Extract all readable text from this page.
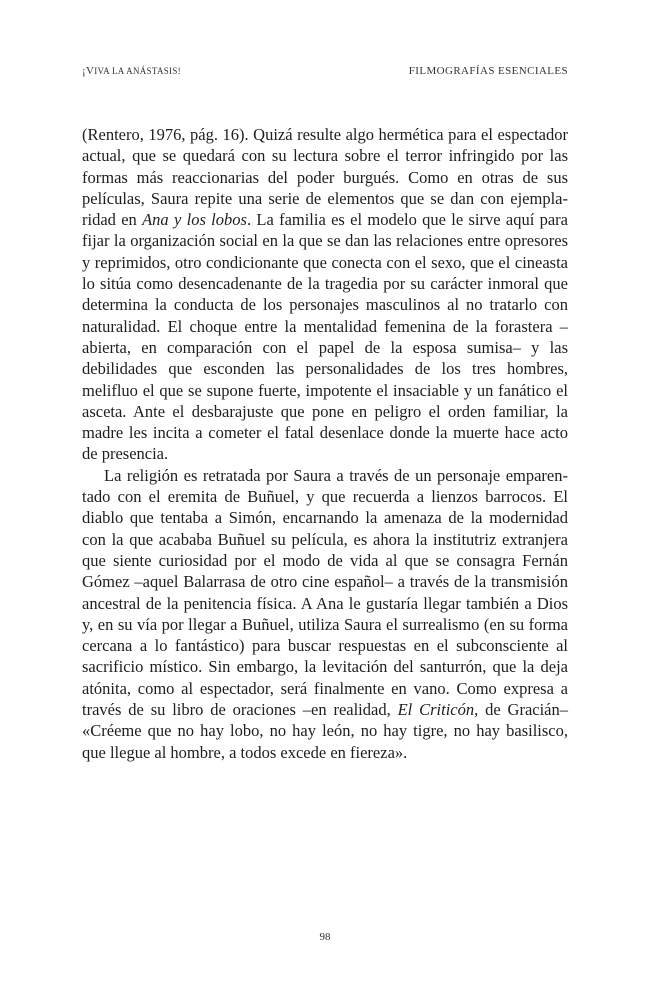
¡VIVA LA ANÁSTASIS!	FILMOGRAFÍAS ESENCIALES

(Rentero, 1976, pág. 16). Quizá resulte algo hermética para el espectador actual, que se quedará con su lectura sobre el terror infringido por las formas más reaccionarias del poder burgués. Como en otras de sus películas, Saura repite una serie de elementos que se dan con ejemplaridad en Ana y los lobos. La familia es el modelo que le sirve aquí para fijar la organización social en la que se dan las relaciones entre opresores y reprimidos, otro condicionante que conecta con el sexo, que el cineasta lo sitúa como desencadenante de la tragedia por su carácter inmoral que determina la conducta de los personajes masculinos al no tratarlo con naturalidad. El choque entre la mentalidad femenina de la forastera –abierta, en comparación con el papel de la esposa sumisa– y las debilidades que esconden las personalidades de los tres hombres, melifluo el que se supone fuerte, impotente el insaciable y un fanático el asceta. Ante el desbarajuste que pone en peligro el orden familiar, la madre les incita a cometer el fatal desenlace donde la muerte hace acto de presencia.

La religión es retratada por Saura a través de un personaje emparentado con el eremita de Buñuel, y que recuerda a lienzos barrocos. El diablo que tentaba a Simón, encarnando la amenaza de la modernidad con la que acababa Buñuel su película, es ahora la institutriz extranjera que siente curiosidad por el modo de vida al que se consagra Fernán Gómez –aquel Balarrasa de otro cine español– a través de la transmisión ancestral de la penitencia física. A Ana le gustaría llegar también a Dios y, en su vía por llegar a Buñuel, utiliza Saura el surrealismo (en su forma cercana a lo fantástico) para buscar respuestas en el subconsciente al sacrificio místico. Sin embargo, la levitación del santurrón, que la deja atónita, como al espectador, será finalmente en vano. Como expresa a través de su libro de oraciones –en realidad, El Criticón, de Gracián– «Créeme que no hay lobo, no hay león, no hay tigre, no hay basilisco, que llegue al hombre, a todos excede en fiereza».

98
